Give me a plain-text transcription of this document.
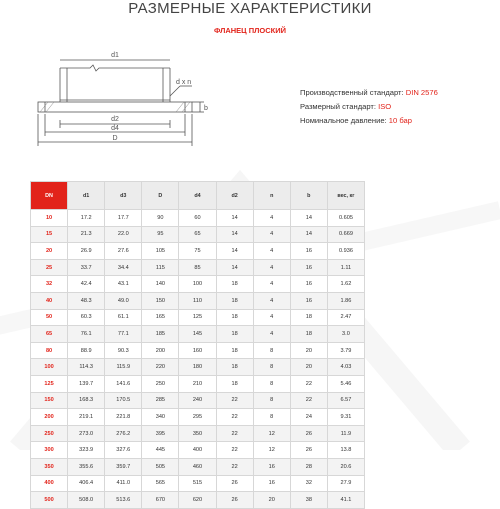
РАЗМЕРНЫЕ ХАРАКТЕРИСТИКИ
ФЛАНЕЦ ПЛОСКИЙ
d1
d x n
b
d2
d4
D
Производственный стандарт: DIN 2576
Размерный стандарт: ISO
Номинальное давление: 10 бар
DN	d1	d3	D	d4	d2	n	b	вес, кг
10	17.2	17.7	90	60	14	4	14	0.605
15	21.3	22.0	95	65	14	4	14	0.669
20	26.9	27.6	105	75	14	4	16	0.936
25	33.7	34.4	115	85	14	4	16	1.11
32	42.4	43.1	140	100	18	4	16	1.62
40	48.3	49.0	150	110	18	4	16	1.86
50	60.3	61.1	165	125	18	4	18	2.47
65	76.1	77.1	185	145	18	4	18	3.0
80	88.9	90.3	200	160	18	8	20	3.79
100	114.3	115.9	220	180	18	8	20	4.03
125	139.7	141.6	250	210	18	8	22	5.46
150	168.3	170.5	285	240	22	8	22	6.57
200	219.1	221.8	340	295	22	8	24	9.31
250	273.0	276.2	395	350	22	12	26	11.9
300	323.9	327.6	445	400	22	12	26	13.8
350	355.6	359.7	505	460	22	16	28	20.6
400	406.4	411.0	565	515	26	16	32	27.9
500	508.0	513.6	670	620	26	20	38	41.1
